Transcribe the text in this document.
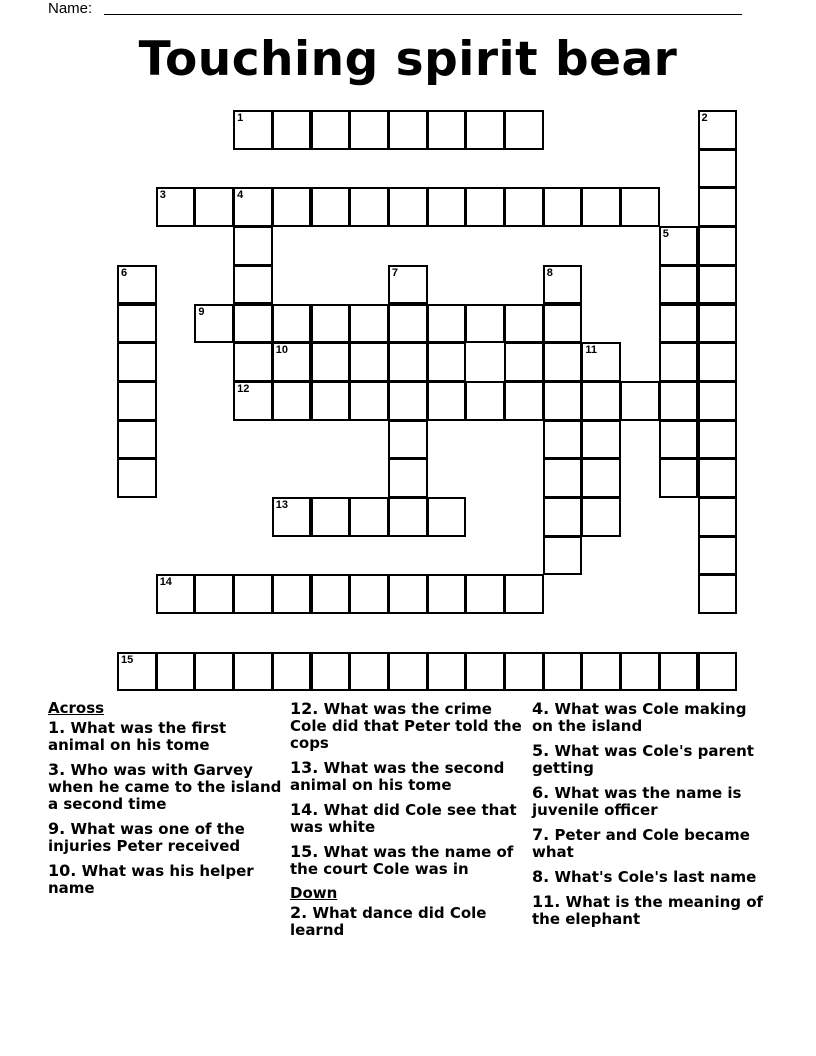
Name:
Touching spirit bear
1	2
3	4
5
6	7	8
9
10	11
12
13
14
15
Across
1. What was the first animal on his tome
3. Who was with Garvey when he came to the island a second time
9. What was one of the injuries Peter received
10. What was his helper name
12. What was the crime Cole did that Peter told the cops
13. What was the second animal on his tome
14. What did Cole see that was white
15. What was the name of the court Cole was in
Down
2. What dance did Cole learnd
4. What was Cole making on the island
5. What was Cole's parent getting
6. What was the name is juvenile officer
7. Peter and Cole became what
8. What's Cole's last name
11. What is the meaning of the elephant
